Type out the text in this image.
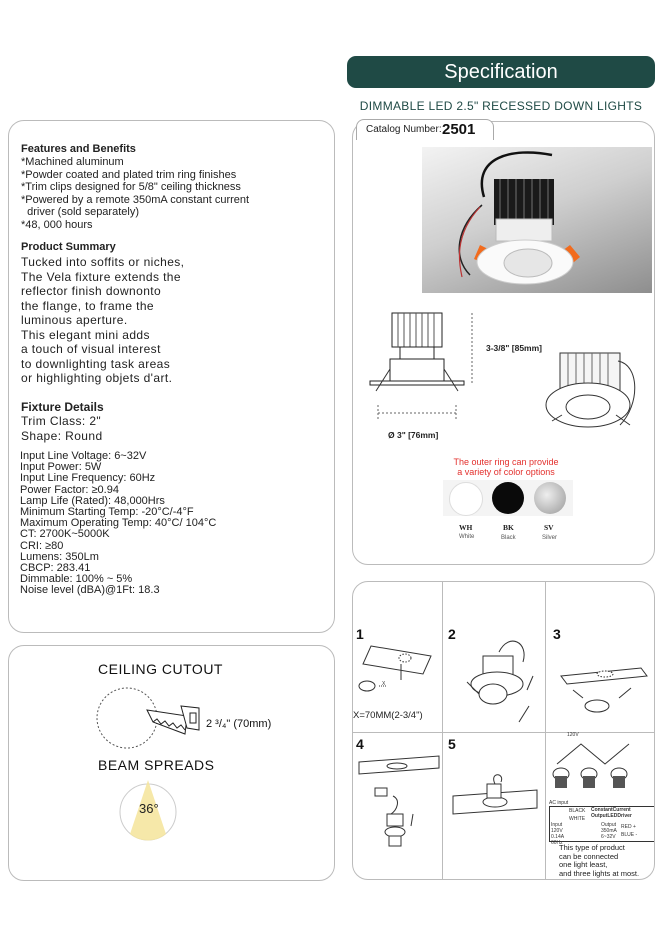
Specification
DIMMABLE LED 2.5" RECESSED DOWN LIGHTS
Features and Benefits
*Machined aluminum
*Powder coated and plated trim ring finishes
*Trim clips designed for 5/8" ceiling thickness
*Powered by a remote 350mA constant current
driver (sold separately)
*48, 000 hours
Product Summary
Tucked into soffits or niches,
The Vela fixture extends the
reflector finish downonto
the flange, to frame the
luminous aperture.
This elegant mini adds
a touch of visual interest
to downlighting task areas
or highlighting objets d'art.
Fixture Details
Trim Class: 2"
Shape: Round
Input Line Voltage: 6~32V
Input Power: 5W
Input Line Frequency: 60Hz
Power Factor: ≥0.94
Lamp Life (Rated): 48,000Hrs
Minimum Starting Temp: -20°C/-4°F
Maximum Operating Temp: 40°C/ 104°C
CT: 2700K~5000K
CRI: ≥80
Lumens: 350Lm
CBCP: 283.41
Dimmable: 100% ~ 5%
Noise level (dBA)@1Ft: 18.3
Catalog Number: 2501
3-3/8" [85mm]
Ø 3" [76mm]
The outer ring can provide
a variety of color options
WH	BK	SV
White	Black	Silver
CEILING CUTOUT
2 ³/₄" (70mm)
BEAM SPREADS
36°
1	2	3
4	5
X
X=70MM(2-3/4")
120V
AC input
BLACK
WHITE
ConstantCurrent
OutputLEDDriver
Input
120V
0.14A
60Hz
Output
350mA
6~32V
RED +
BLUE -
This type of product
can be connected
one light least,
and three lights at most.
